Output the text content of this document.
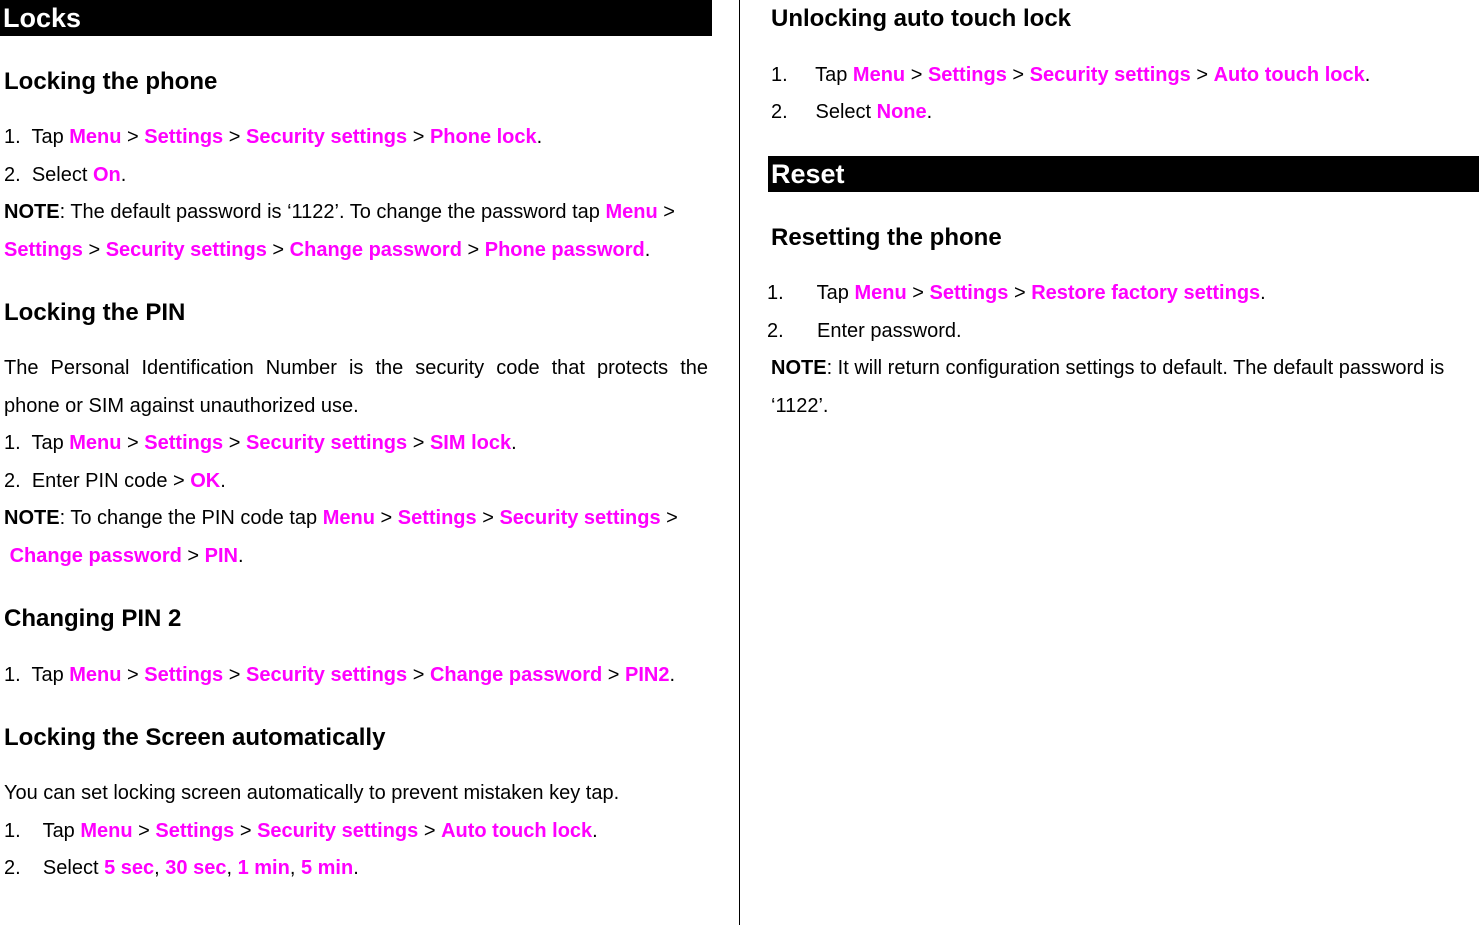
Locks
Locking the phone
1. Tap Menu > Settings > Security settings > Phone lock.
2. Select On.
NOTE: The default password is ‘1122’. To change the password tap Menu >
Settings > Security settings > Change password > Phone password.
Locking the PIN
The Personal Identification Number is the security code that protects the
phone or SIM against unauthorized use.
1. Tap Menu > Settings > Security settings > SIM lock.
2. Enter PIN code > OK.
NOTE: To change the PIN code tap Menu > Settings > Security settings >
Change password > PIN.
Changing PIN 2
1. Tap Menu > Settings > Security settings > Change password > PIN2.
Locking the Screen automatically
You can set locking screen automatically to prevent mistaken key tap.
1. Tap Menu > Settings > Security settings > Auto touch lock.
2. Select 5 sec, 30 sec, 1 min, 5 min.
Unlocking auto touch lock
1. Tap Menu > Settings > Security settings > Auto touch lock.
2. Select None.
Reset
Resetting the phone
1. Tap Menu > Settings > Restore factory settings.
2. Enter password.
NOTE: It will return configuration settings to default. The default password is
‘1122’.
